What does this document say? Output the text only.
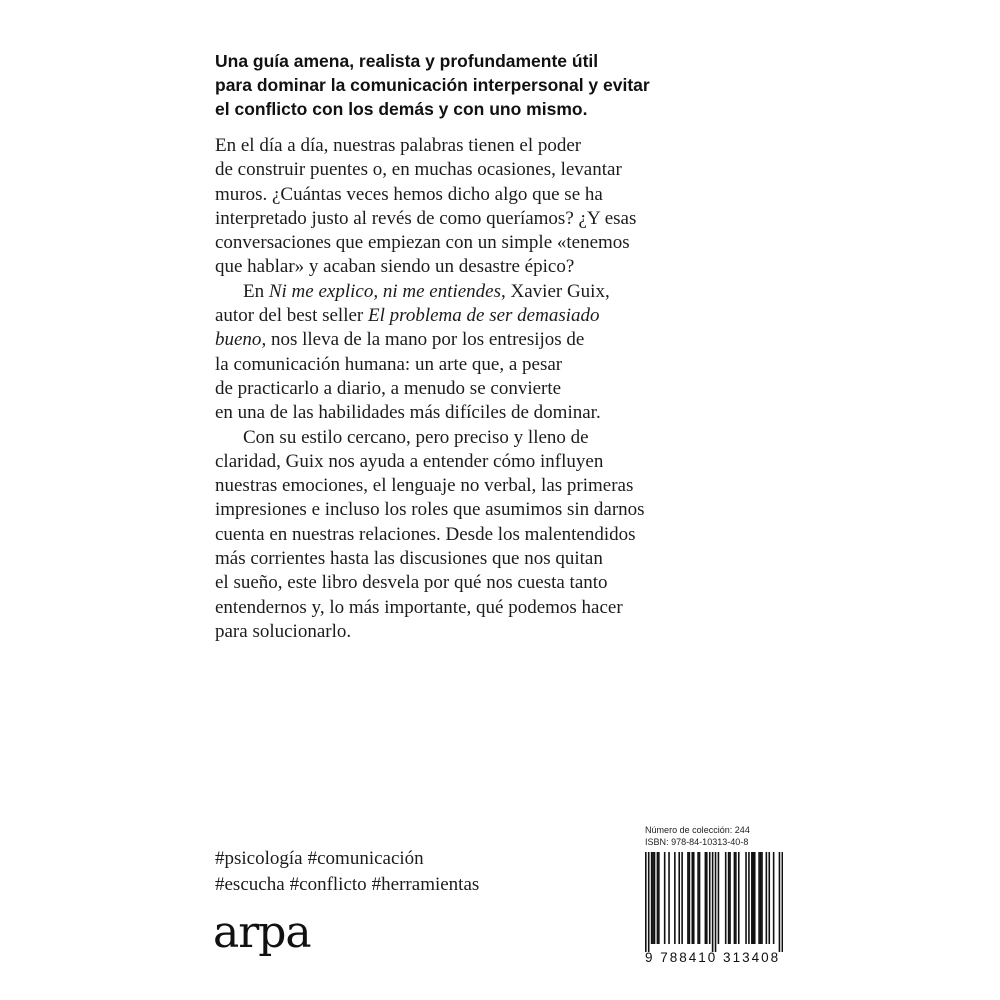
Una guía amena, realista y profundamente útil
para dominar la comunicación interpersonal y evitar
el conflicto con los demás y con uno mismo.
En el día a día, nuestras palabras tienen el poder
de construir puentes o, en muchas ocasiones, levantar
muros. ¿Cuántas veces hemos dicho algo que se ha
interpretado justo al revés de como queríamos? ¿Y esas
conversaciones que empiezan con un simple «tenemos
que hablar» y acaban siendo un desastre épico?
En Ni me explico, ni me entiendes, Xavier Guix,
autor del best seller El problema de ser demasiado
bueno, nos lleva de la mano por los entresijos de
la comunicación humana: un arte que, a pesar
de practicarlo a diario, a menudo se convierte
en una de las habilidades más difíciles de dominar.
Con su estilo cercano, pero preciso y lleno de
claridad, Guix nos ayuda a entender cómo influyen
nuestras emociones, el lenguaje no verbal, las primeras
impresiones e incluso los roles que asumimos sin darnos
cuenta en nuestras relaciones. Desde los malentendidos
más corrientes hasta las discusiones que nos quitan
el sueño, este libro desvela por qué nos cuesta tanto
entendernos y, lo más importante, qué podemos hacer
para solucionarlo.
#psicología #comunicación
#escucha #conflicto #herramientas
arpa
Número de colección: 244
ISBN: 978-84-10313-40-8
9 788410 313408
